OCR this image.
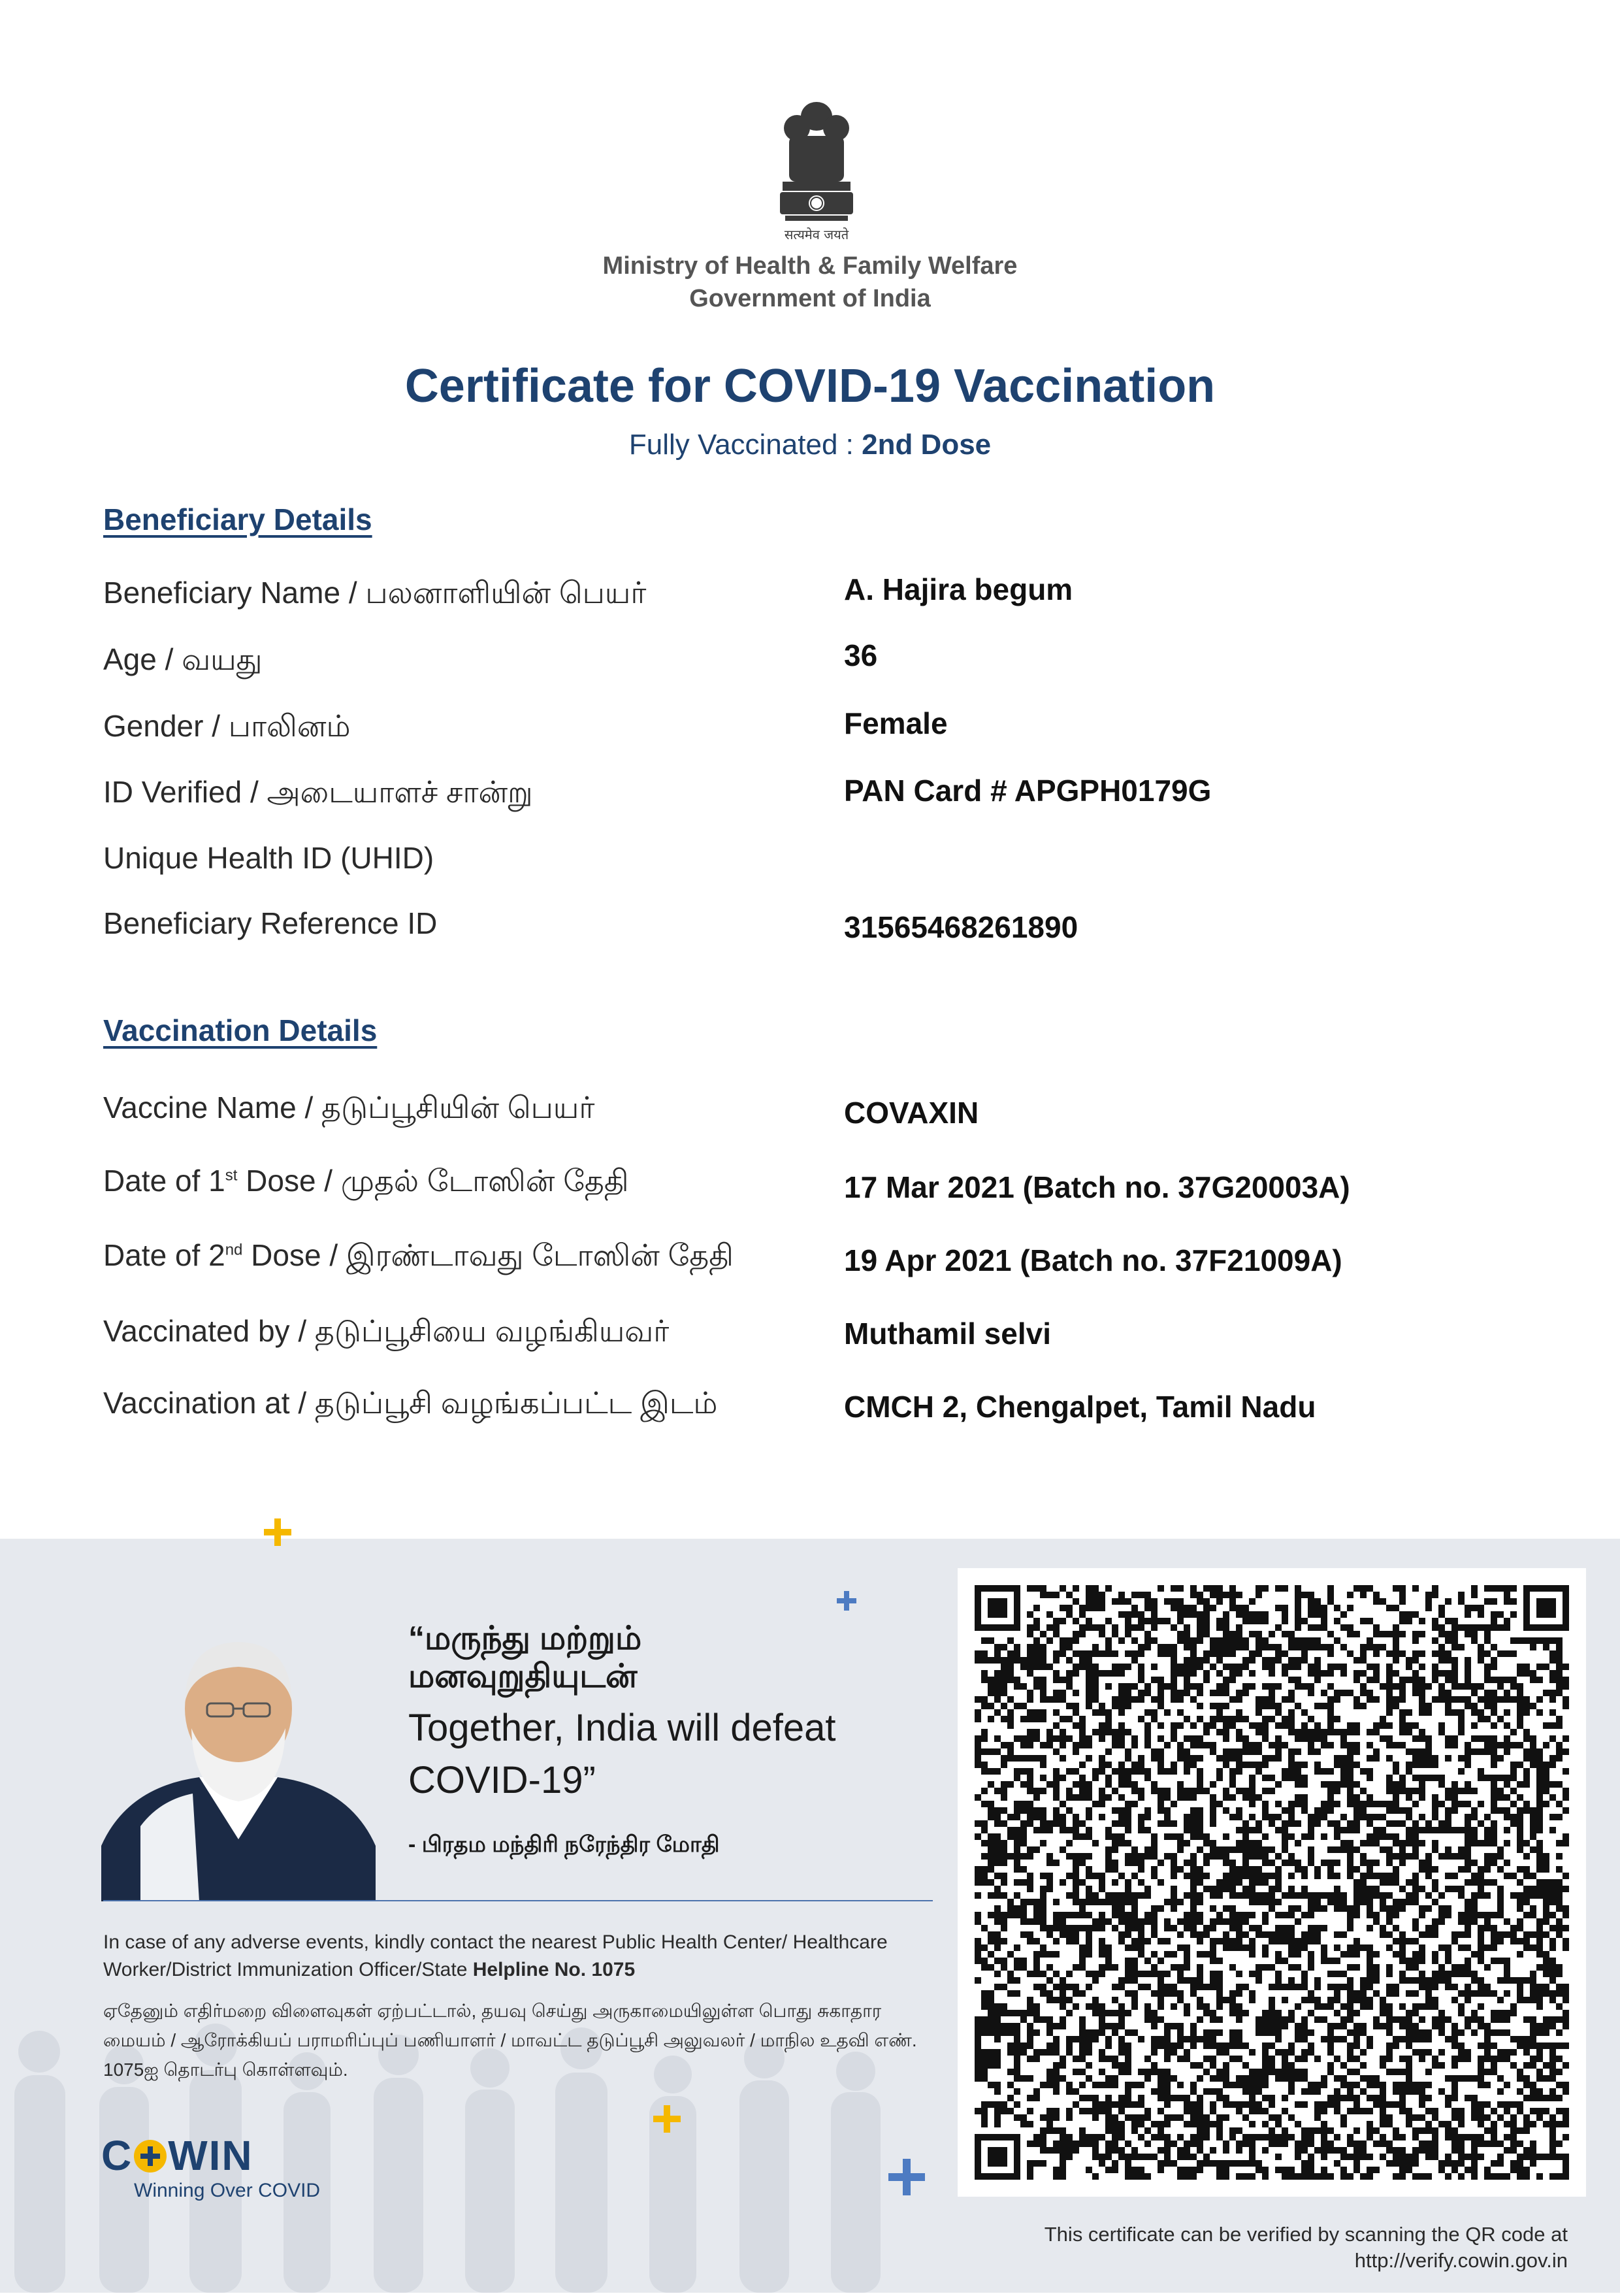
सत्यमेव जयते
Ministry of Health & Family Welfare
Government of India
Certificate for COVID-19 Vaccination
Fully Vaccinated : 2nd Dose
Beneficiary Details
Beneficiary Name / பலனாளியின் பெயர்	A. Hajira begum
Age / வயது	36
Gender / பாலினம்	Female
ID Verified / அடையாளச் சான்று	PAN Card # APGPH0179G
Unique Health ID (UHID)
Beneficiary Reference ID	31565468261890
Vaccination Details
Vaccine Name / தடுப்பூசியின் பெயர்	COVAXIN
Date of 1st Dose / முதல் டோஸின் தேதி	17 Mar 2021 (Batch no. 37G20003A)
Date of 2nd Dose / இரண்டாவது டோஸின் தேதி	19 Apr 2021 (Batch no. 37F21009A)
Vaccinated by / தடுப்பூசியை வழங்கியவர்	Muthamil selvi
Vaccination at / தடுப்பூசி வழங்கப்பட்ட இடம்	CMCH 2, Chengalpet, Tamil Nadu
“மருந்து மற்றும்
மனவுறுதியுடன்
Together, India will defeat
COVID-19”
- பிரதம மந்திரி நரேந்திர மோதி
In case of any adverse events, kindly contact the nearest Public Health Center/ Healthcare Worker/District Immunization Officer/State Helpline No. 1075
ஏதேனும் எதிர்மறை விளைவுகள் ஏற்பட்டால், தயவு செய்து அருகாமையிலுள்ள பொது சுகாதார மையம் / ஆரோக்கியப் பராமரிப்புப் பணியாளர் / மாவட்ட தடுப்பூசி அலுவலர் / மாநில உதவி எண். 1075ஐ தொடர்பு கொள்ளவும்.
C WIN
Winning Over COVID
This certificate can be verified by scanning the QR code at
http://verify.cowin.gov.in
